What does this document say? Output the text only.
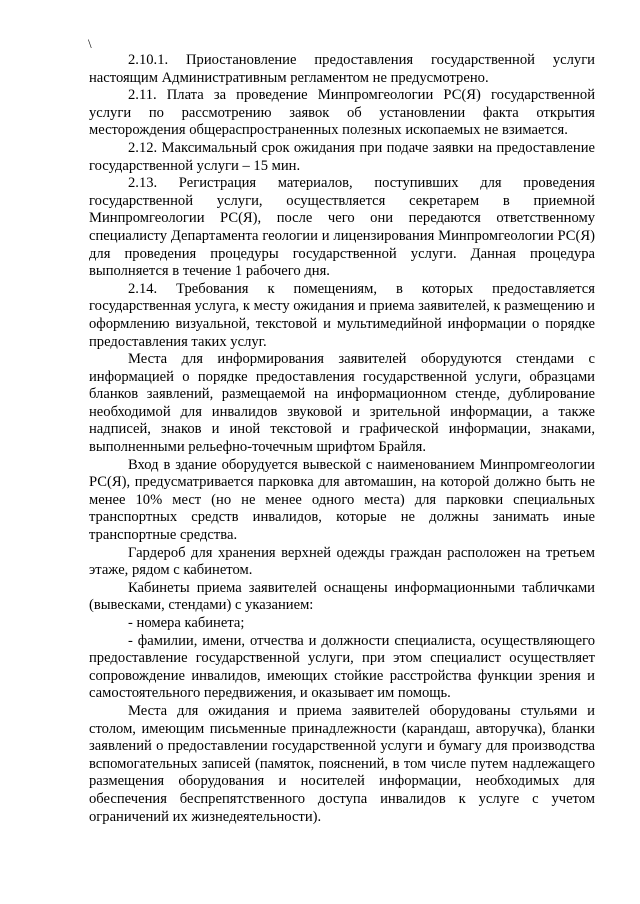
\

2.10.1. Приостановление предоставления государственной услуги настоящим Административным регламентом не предусмотрено.

2.11. Плата за проведение Минпромгеологии РС(Я) государственной услуги по рассмотрению заявок об установлении факта открытия месторождения общераспространенных полезных ископаемых не взимается.

2.12. Максимальный срок ожидания при подаче заявки на предоставление государственной услуги – 15 мин.

2.13. Регистрация материалов, поступивших для проведения государственной услуги, осуществляется секретарем в приемной Минпромгеологии РС(Я), после чего они передаются ответственному специалисту Департамента геологии и лицензирования Минпромгеологии РС(Я) для проведения процедуры государственной услуги. Данная процедура выполняется в течение 1 рабочего дня.

2.14. Требования к помещениям, в которых предоставляется государственная услуга, к месту ожидания и приема заявителей, к размещению и оформлению визуальной, текстовой и мультимедийной информации о порядке предоставления таких услуг.

Места для информирования заявителей оборудуются стендами с информацией о порядке предоставления государственной услуги, образцами бланков заявлений, размещаемой на информационном стенде, дублирование необходимой для инвалидов звуковой и зрительной информации, а также надписей, знаков и иной текстовой и графической информации, знаками, выполненными рельефно-точечным шрифтом Брайля.

Вход в здание оборудуется вывеской с наименованием Минпромгеологии РС(Я), предусматривается парковка для автомашин, на которой должно быть не менее 10% мест (но не менее одного места) для парковки специальных транспортных средств инвалидов, которые не должны занимать иные транспортные средства.

Гардероб для хранения верхней одежды граждан расположен на третьем этаже, рядом с кабинетом.

Кабинеты приема заявителей оснащены информационными табличками (вывесками, стендами) с указанием:

- номера кабинета;

- фамилии, имени, отчества и должности специалиста, осуществляющего предоставление государственной услуги, при этом специалист осуществляет сопровождение инвалидов, имеющих стойкие расстройства функции зрения и самостоятельного передвижения, и оказывает им помощь.

Места для ожидания и приема заявителей оборудованы стульями и столом, имеющим письменные принадлежности (карандаш, авторучка), бланки заявлений о предоставлении государственной услуги и бумагу для производства вспомогательных записей (памяток, пояснений, в том числе путем надлежащего размещения оборудования и носителей информации, необходимых для обеспечения беспрепятственного доступа инвалидов к услуге с учетом ограничений их жизнедеятельности).
